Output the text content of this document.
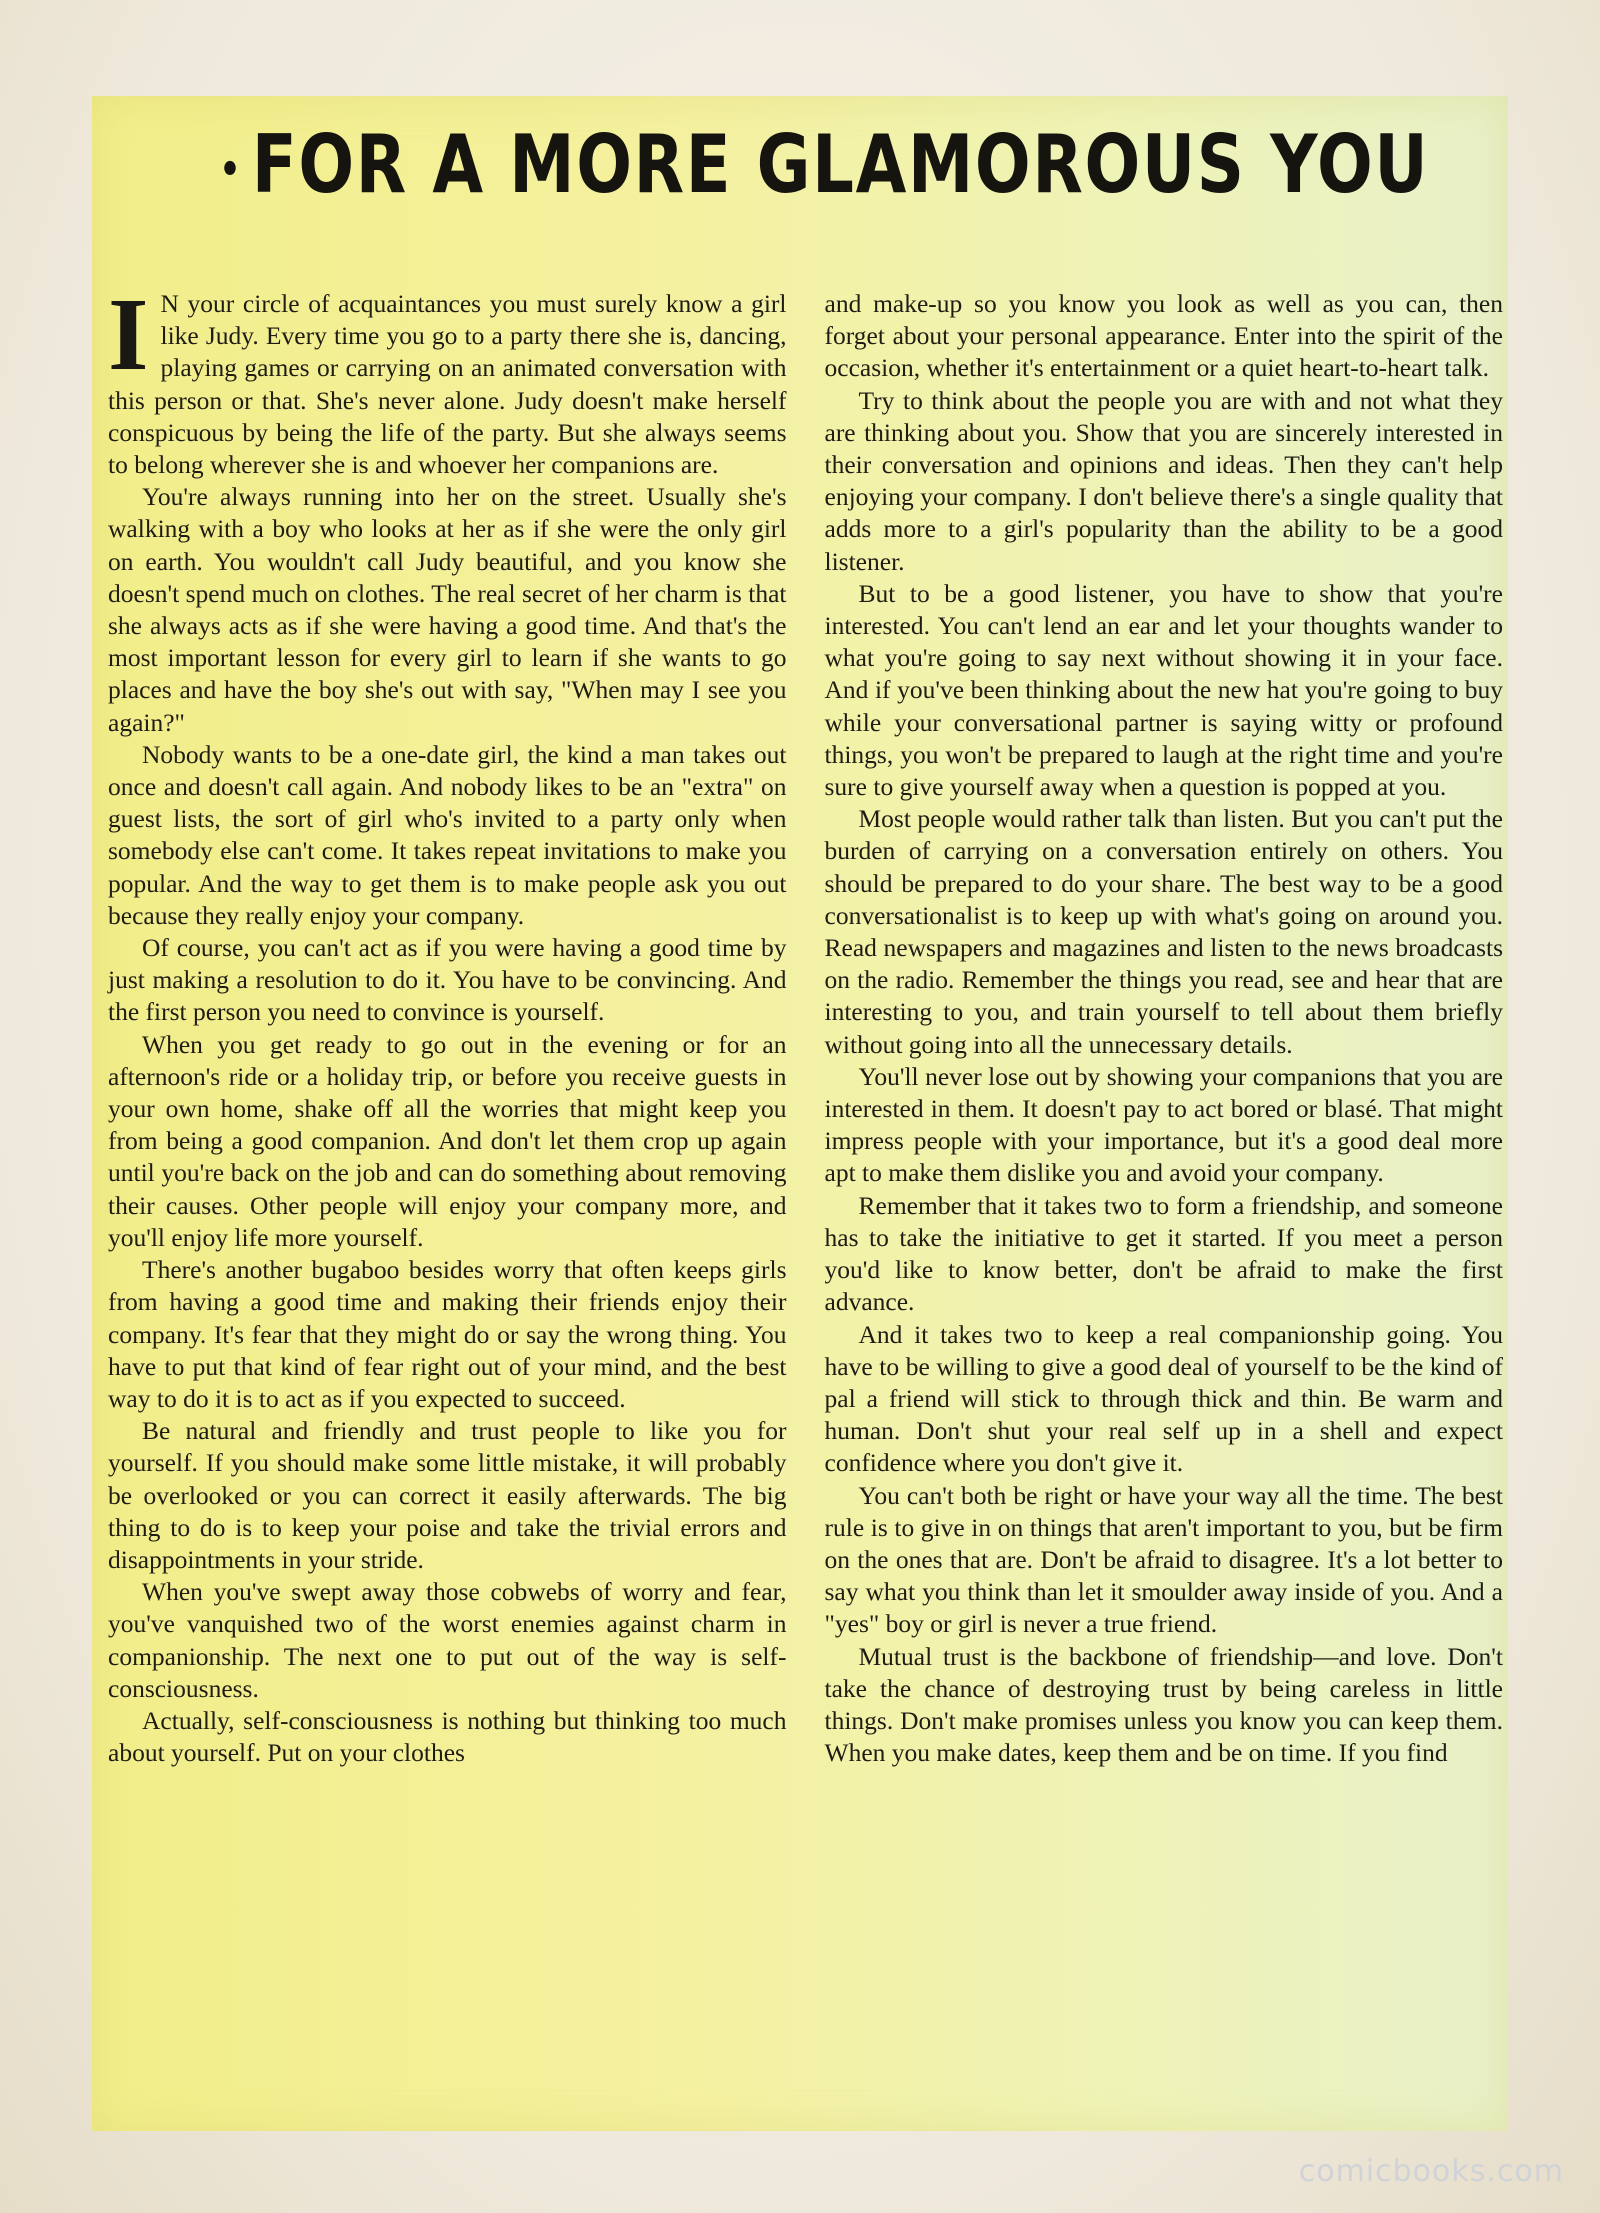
• FOR A MORE GLAMOROUS YOU

I N your circle of acquaintances you must surely know a girl like Judy. Every time you go to a party there she is, dancing, playing games or carrying on an animated conversation with this person or that. She's never alone. Judy doesn't make herself conspicuous by being the life of the party. But she always seems to belong wherever she is and whoever her companions are.

You're always running into her on the street. Usually she's walking with a boy who looks at her as if she were the only girl on earth. You wouldn't call Judy beautiful, and you know she doesn't spend much on clothes. The real secret of her charm is that she always acts as if she were having a good time. And that's the most important lesson for every girl to learn if she wants to go places and have the boy she's out with say, "When may I see you again?"

Nobody wants to be a one-date girl, the kind a man takes out once and doesn't call again. And nobody likes to be an "extra" on guest lists, the sort of girl who's invited to a party only when somebody else can't come. It takes repeat invitations to make you popular. And the way to get them is to make people ask you out because they really enjoy your company.

Of course, you can't act as if you were having a good time by just making a resolution to do it. You have to be convincing. And the first person you need to convince is yourself.

When you get ready to go out in the evening or for an afternoon's ride or a holiday trip, or before you receive guests in your own home, shake off all the worries that might keep you from being a good companion. And don't let them crop up again until you're back on the job and can do something about removing their causes. Other people will enjoy your company more, and you'll enjoy life more yourself.

There's another bugaboo besides worry that often keeps girls from having a good time and making their friends enjoy their company. It's fear that they might do or say the wrong thing. You have to put that kind of fear right out of your mind, and the best way to do it is to act as if you expected to succeed.

Be natural and friendly and trust people to like you for yourself. If you should make some little mistake, it will probably be overlooked or you can correct it easily afterwards. The big thing to do is to keep your poise and take the trivial errors and disappointments in your stride.

When you've swept away those cobwebs of worry and fear, you've vanquished two of the worst enemies against charm in companionship. The next one to put out of the way is self-consciousness.

Actually, self-consciousness is nothing but thinking too much about yourself. Put on your clothes

and make-up so you know you look as well as you can, then forget about your personal appearance. Enter into the spirit of the occasion, whether it's entertainment or a quiet heart-to-heart talk.

Try to think about the people you are with and not what they are thinking about you. Show that you are sincerely interested in their conversation and opinions and ideas. Then they can't help enjoying your company. I don't believe there's a single quality that adds more to a girl's popularity than the ability to be a good listener.

But to be a good listener, you have to show that you're interested. You can't lend an ear and let your thoughts wander to what you're going to say next without showing it in your face. And if you've been thinking about the new hat you're going to buy while your conversational partner is saying witty or profound things, you won't be prepared to laugh at the right time and you're sure to give yourself away when a question is popped at you.

Most people would rather talk than listen. But you can't put the burden of carrying on a conversation entirely on others. You should be prepared to do your share. The best way to be a good conversationalist is to keep up with what's going on around you. Read newspapers and magazines and listen to the news broadcasts on the radio. Remember the things you read, see and hear that are interesting to you, and train yourself to tell about them briefly without going into all the unnecessary details.

You'll never lose out by showing your companions that you are interested in them. It doesn't pay to act bored or blasé. That might impress people with your importance, but it's a good deal more apt to make them dislike you and avoid your company.

Remember that it takes two to form a friendship, and someone has to take the initiative to get it started. If you meet a person you'd like to know better, don't be afraid to make the first advance.

And it takes two to keep a real companionship going. You have to be willing to give a good deal of yourself to be the kind of pal a friend will stick to through thick and thin. Be warm and human. Don't shut your real self up in a shell and expect confidence where you don't give it.

You can't both be right or have your way all the time. The best rule is to give in on things that aren't important to you, but be firm on the ones that are. Don't be afraid to disagree. It's a lot better to say what you think than let it smoulder away inside of you. And a "yes" boy or girl is never a true friend.

Mutual trust is the backbone of friendship—and love. Don't take the chance of destroying trust by being careless in little things. Don't make promises unless you know you can keep them. When you make dates, keep them and be on time. If you find

comicbooks.com
